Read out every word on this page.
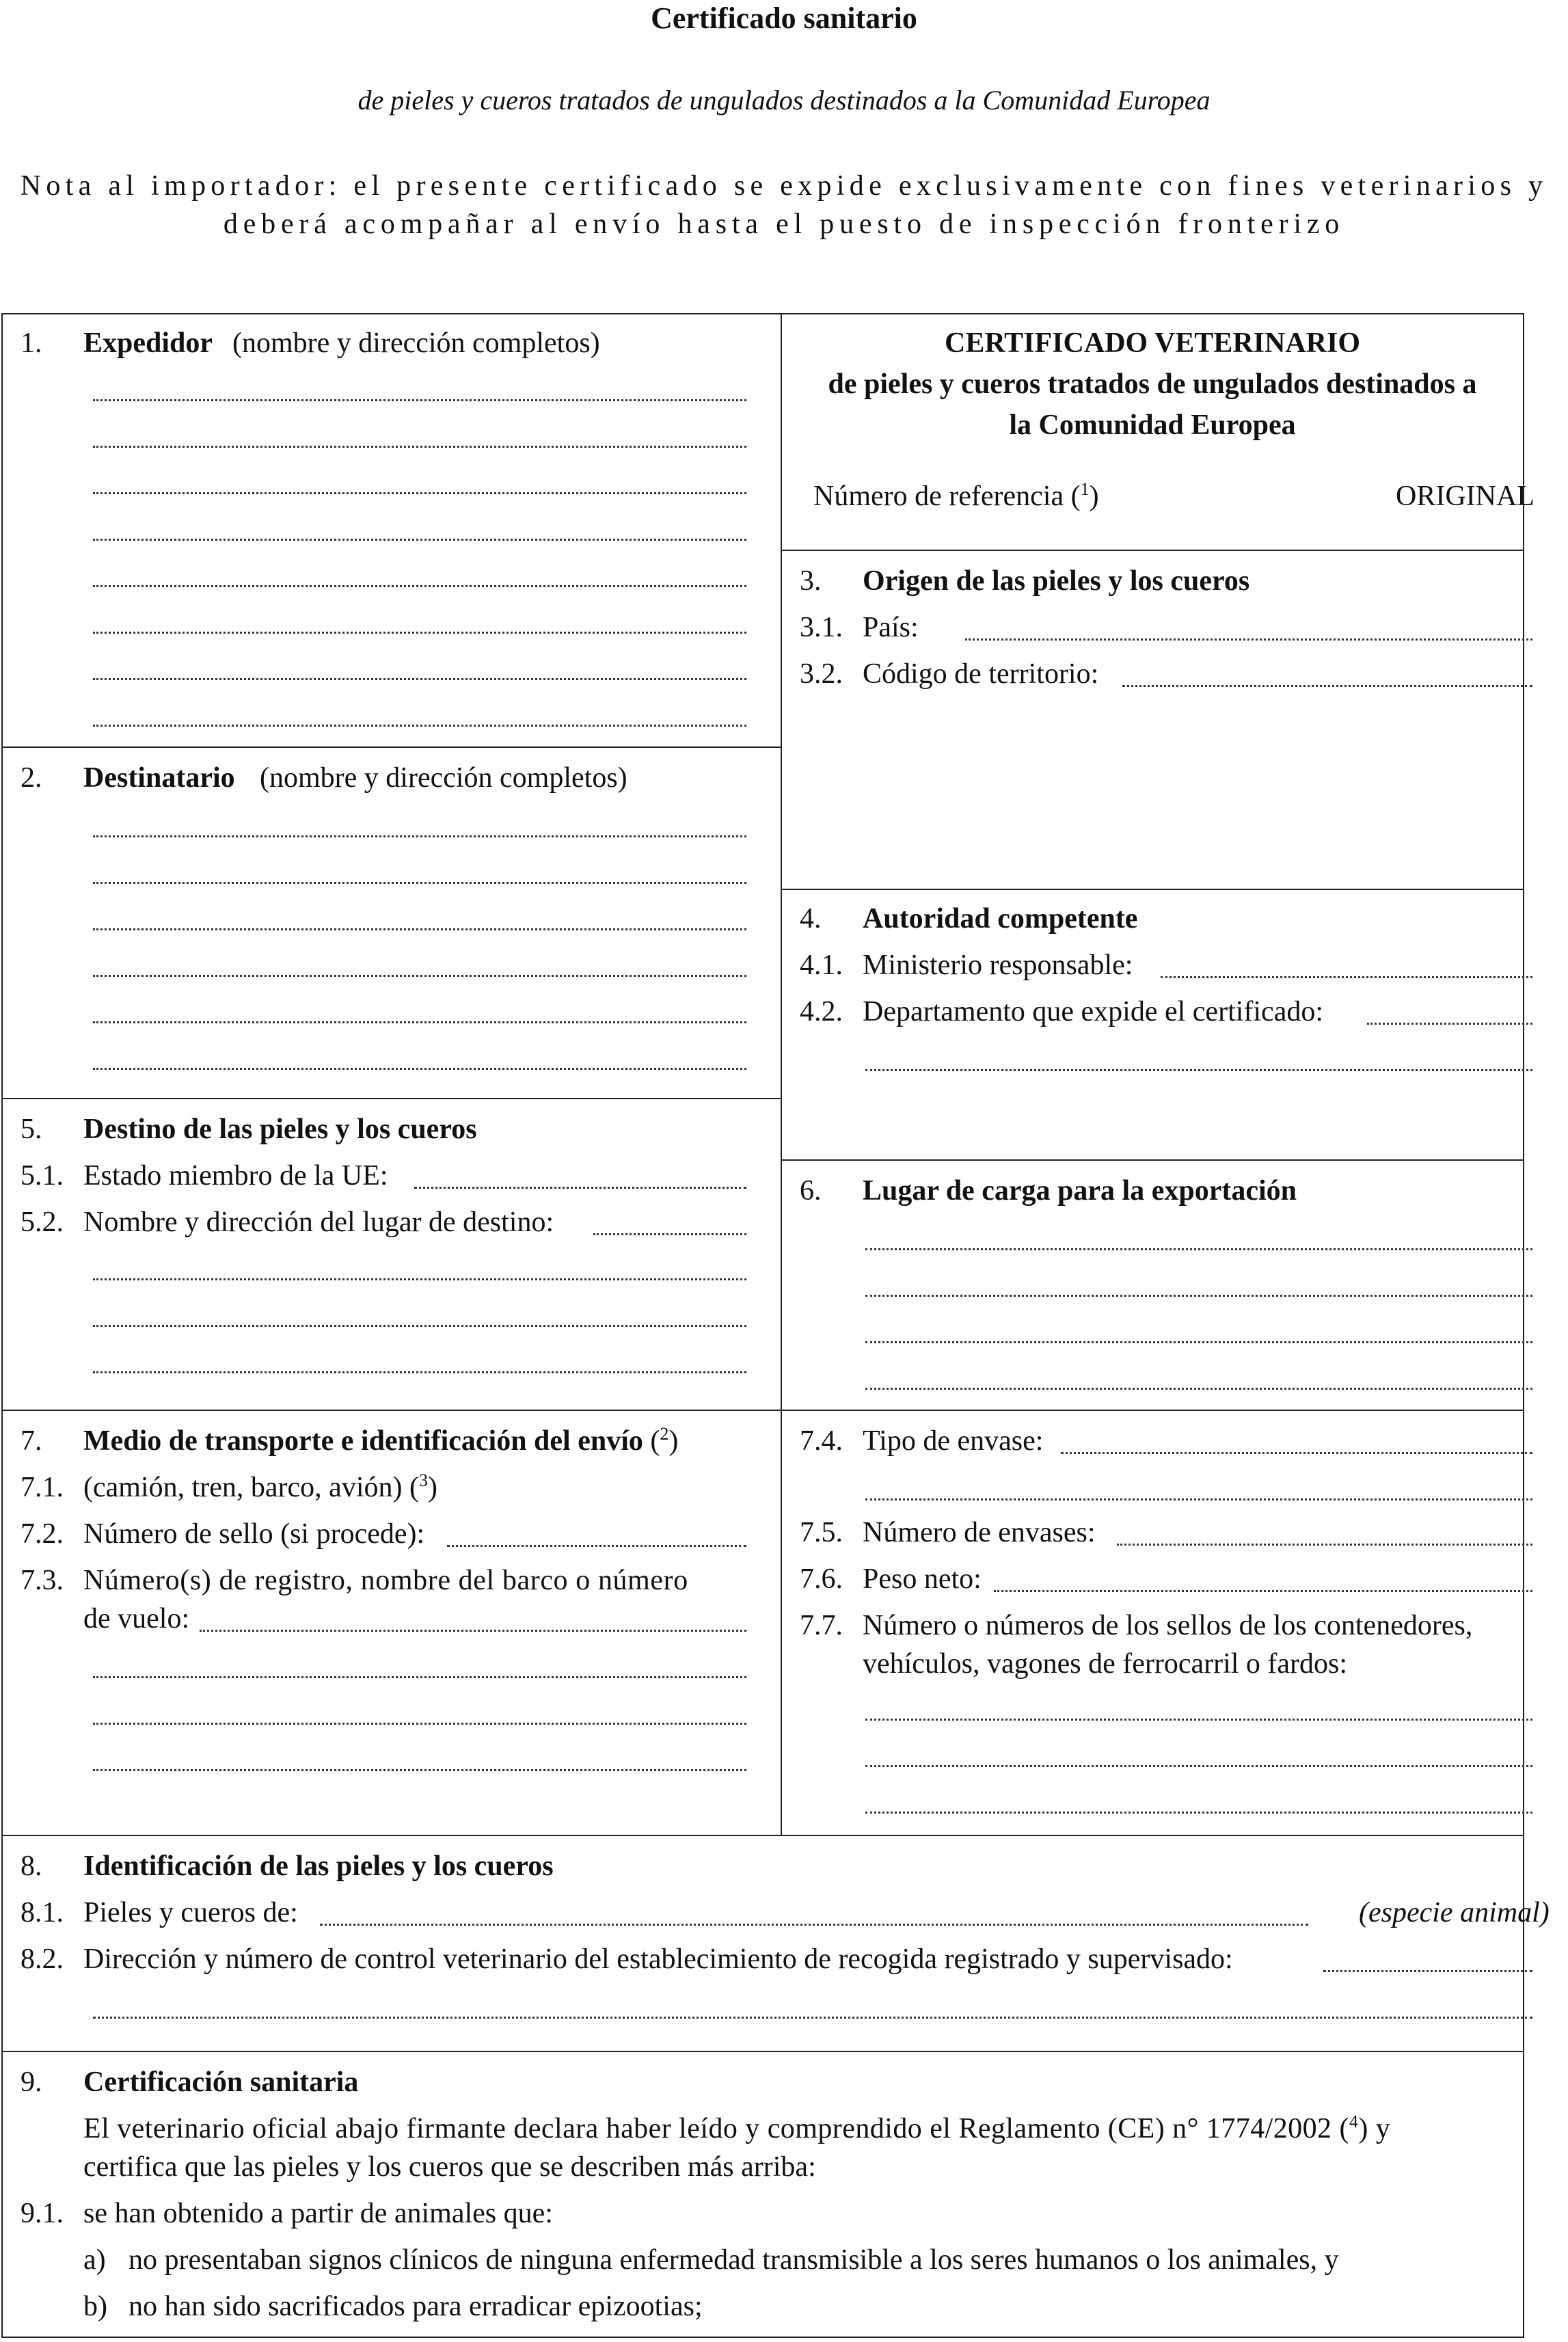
Certificado sanitario
de pieles y cueros tratados de ungulados destinados a la Comunidad Europea
Nota al importador: el presente certificado se expide exclusivamente con fines veterinarios y
deberá acompañar al envío hasta el puesto de inspección fronterizo
1. Expedidor (nombre y dirección completos)	CERTIFICADO VETERINARIO
de pieles y cueros tratados de ungulados destinados a
la Comunidad Europea
Número de referencia ($^1$)	ORIGINAL
3. Origen de las pieles y los cueros
3.1. País:
3.2. Código de territorio:
2. Destinatario (nombre y dirección completos)
4. Autoridad competente
4.1. Ministerio responsable:
4.2. Departamento que expide el certificado:
5. Destino de las pieles y los cueros
5.1. Estado miembro de la UE:
5.2. Nombre y dirección del lugar de destino:
6. Lugar de carga para la exportación
7. Medio de transporte e identificación del envío ($^2$)
7.1. (camión, tren, barco, avión) ($^3$)
7.2. Número de sello (si procede):
7.3. Número(s) de registro, nombre del barco o número
de vuelo:
7.4. Tipo de envase:
7.5. Número de envases:
7.6. Peso neto:
7.7. Número o números de los sellos de los contenedores,
vehículos, vagones de ferrocarril o fardos:
8. Identificación de las pieles y los cueros
8.1. Pieles y cueros de:	(especie animal)
8.2. Dirección y número de control veterinario del establecimiento de recogida registrado y supervisado:
9. Certificación sanitaria
El veterinario oficial abajo firmante declara haber leído y comprendido el Reglamento (CE) n° 1774/2002 ($^4$) y
certifica que las pieles y los cueros que se describen más arriba:
9.1. se han obtenido a partir de animales que:
a) no presentaban signos clínicos de ninguna enfermedad transmisible a los seres humanos o los animales, y
b) no han sido sacrificados para erradicar epizootias;
